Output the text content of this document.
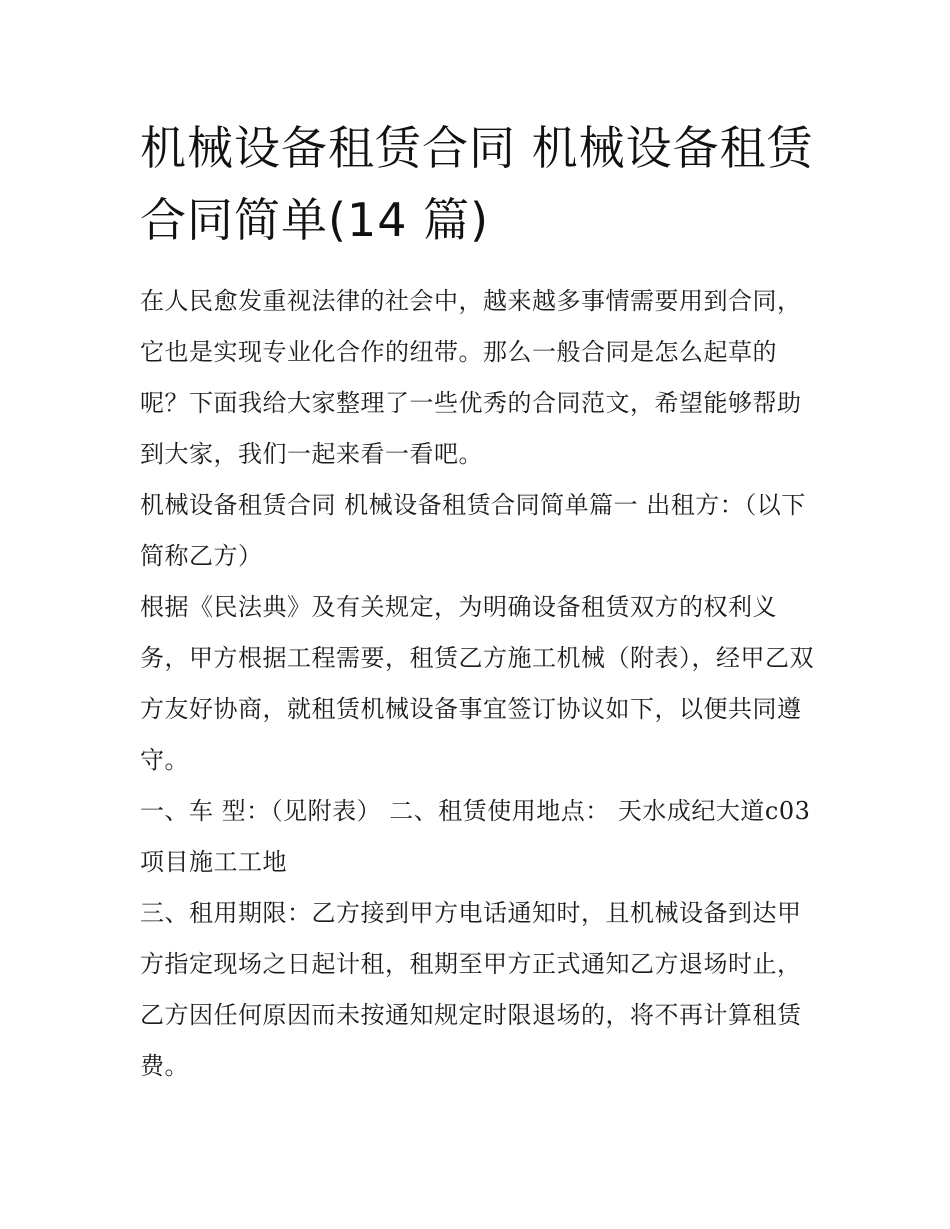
机械设备租赁合同 机械设备租赁合同简单(14 篇)

在人民愈发重视法律的社会中，越来越多事情需要用到合同，它也是实现专业化合作的纽带。那么一般合同是怎么起草的呢？下面我给大家整理了一些优秀的合同范文，希望能够帮助到大家，我们一起来看一看吧。

机械设备租赁合同 机械设备租赁合同简单篇一 出租方：（以下简称乙方）

根据《民法典》及有关规定，为明确设备租赁双方的权利义务，甲方根据工程需要，租赁乙方施工机械（附表），经甲乙双方友好协商，就租赁机械设备事宜签订协议如下，以便共同遵守。

一、车 型：（见附表） 二、租赁使用地点： 天水成纪大道c03 项目施工工地

三、租用期限：乙方接到甲方电话通知时，且机械设备到达甲方指定现场之日起计租，租期至甲方正式通知乙方退场时止，乙方因任何原因而未按通知规定时限退场的，将不再计算租赁费。
